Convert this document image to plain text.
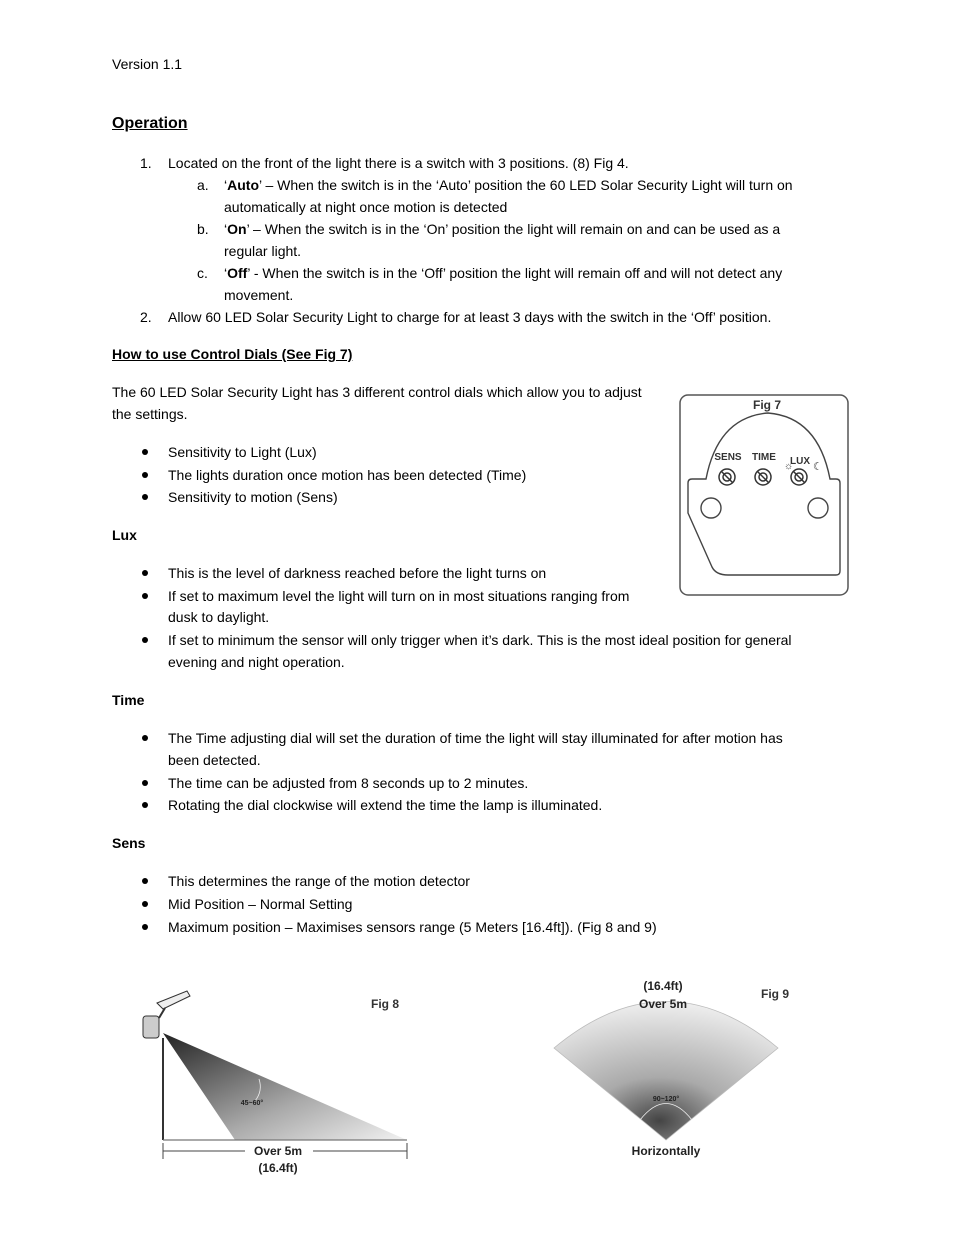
Version 1.1
Operation
1. Located on the front of the light there is a switch with 3 positions. (8) Fig 4.
a. ‘Auto’ – When the switch is in the ‘Auto’ position the 60 LED Solar Security Light will turn on
automatically at night once motion is detected
b. ‘On’ – When the switch is in the ‘On’ position the light will remain on and can be used as a
regular light.
c. ‘Off’ - When the switch is in the ‘Off’ position the light will remain off and will not detect any
movement.
2. Allow 60 LED Solar Security Light to charge for at least 3 days with the switch in the ‘Off’ position.
How to use Control Dials (See Fig 7)
The 60 LED Solar Security Light has 3 different control dials which allow you to adjust
the settings.
Sensitivity to Light (Lux)
The lights duration once motion has been detected (Time)
Sensitivity to motion (Sens)
Lux
This is the level of darkness reached before the light turns on
If set to maximum level the light will turn on in most situations ranging from
dusk to daylight.
If set to minimum the sensor will only trigger when it’s dark. This is the most ideal position for general
evening and night operation.
Time
The Time adjusting dial will set the duration of time the light will stay illuminated for after motion has
been detected.
The time can be adjusted from 8 seconds up to 2 minutes.
Rotating the dial clockwise will extend the time the lamp is illuminated.
Sens
This determines the range of the motion detector
Mid Position – Normal Setting
Maximum position – Maximises sensors range (5 Meters [16.4ft]). (Fig 8 and 9)
Fig 7
SENS TIME LUX
☼ ☾
45~60°
Fig 8
Over 5m
(16.4ft)
90~120°
(16.4ft)
Over 5m
Fig 9
Horizontally
